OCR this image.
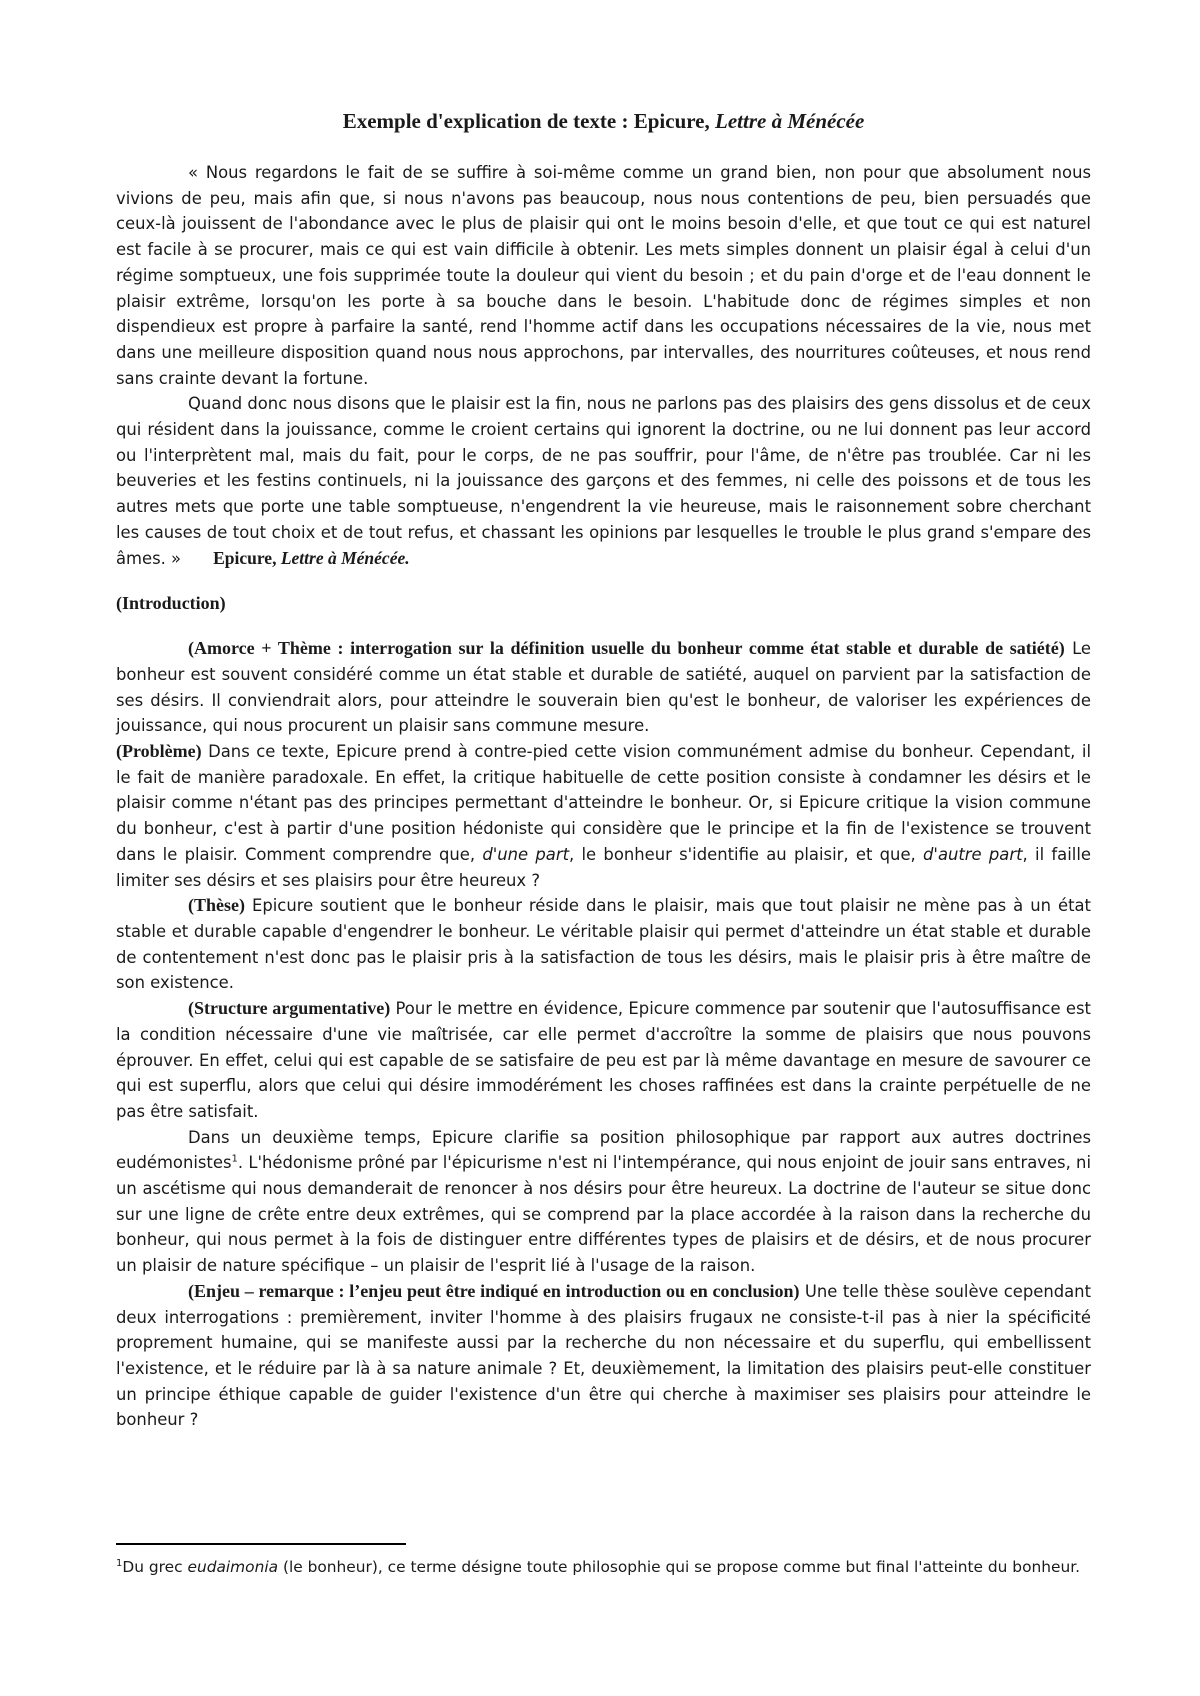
Exemple d'explication de texte : Epicure, Lettre à Ménécée

« Nous regardons le fait de se suffire à soi-même comme un grand bien, non pour que absolument nous vivions de peu, mais afin que, si nous n'avons pas beaucoup, nous nous contentions de peu, bien persuadés que ceux-là jouissent de l'abondance avec le plus de plaisir qui ont le moins besoin d'elle, et que tout ce qui est naturel est facile à se procurer, mais ce qui est vain difficile à obtenir. Les mets simples donnent un plaisir égal à celui d'un régime somptueux, une fois supprimée toute la douleur qui vient du besoin ; et du pain d'orge et de l'eau donnent le plaisir extrême, lorsqu'on les porte à sa bouche dans le besoin. L'habitude donc de régimes simples et non dispendieux est propre à parfaire la santé, rend l'homme actif dans les occupations nécessaires de la vie, nous met dans une meilleure disposition quand nous nous approchons, par intervalles, des nourritures coûteuses, et nous rend sans crainte devant la fortune.

Quand donc nous disons que le plaisir est la fin, nous ne parlons pas des plaisirs des gens dissolus et de ceux qui résident dans la jouissance, comme le croient certains qui ignorent la doctrine, ou ne lui donnent pas leur accord ou l'interprètent mal, mais du fait, pour le corps, de ne pas souffrir, pour l'âme, de n'être pas troublée. Car ni les beuveries et les festins continuels, ni la jouissance des garçons et des femmes, ni celle des poissons et de tous les autres mets que porte une table somptueuse, n'engendrent la vie heureuse, mais le raisonnement sobre cherchant les causes de tout choix et de tout refus, et chassant les opinions par lesquelles le trouble le plus grand s'empare des âmes. » Epicure, Lettre à Ménécée.

(Introduction)

(Amorce + Thème : interrogation sur la définition usuelle du bonheur comme état stable et durable de satiété) Le bonheur est souvent considéré comme un état stable et durable de satiété, auquel on parvient par la satisfaction de ses désirs. Il conviendrait alors, pour atteindre le souverain bien qu'est le bonheur, de valoriser les expériences de jouissance, qui nous procurent un plaisir sans commune mesure.

(Problème) Dans ce texte, Epicure prend à contre-pied cette vision communément admise du bonheur. Cependant, il le fait de manière paradoxale. En effet, la critique habituelle de cette position consiste à condamner les désirs et le plaisir comme n'étant pas des principes permettant d'atteindre le bonheur. Or, si Epicure critique la vision commune du bonheur, c'est à partir d'une position hédoniste qui considère que le principe et la fin de l'existence se trouvent dans le plaisir. Comment comprendre que, d'une part, le bonheur s'identifie au plaisir, et que, d'autre part, il faille limiter ses désirs et ses plaisirs pour être heureux ?

(Thèse) Epicure soutient que le bonheur réside dans le plaisir, mais que tout plaisir ne mène pas à un état stable et durable capable d'engendrer le bonheur. Le véritable plaisir qui permet d'atteindre un état stable et durable de contentement n'est donc pas le plaisir pris à la satisfaction de tous les désirs, mais le plaisir pris à être maître de son existence.

(Structure argumentative) Pour le mettre en évidence, Epicure commence par soutenir que l'autosuffisance est la condition nécessaire d'une vie maîtrisée, car elle permet d'accroître la somme de plaisirs que nous pouvons éprouver. En effet, celui qui est capable de se satisfaire de peu est par là même davantage en mesure de savourer ce qui est superflu, alors que celui qui désire immodérément les choses raffinées est dans la crainte perpétuelle de ne pas être satisfait.

Dans un deuxième temps, Epicure clarifie sa position philosophique par rapport aux autres doctrines eudémonistes$^1$. L'hédonisme prôné par l'épicurisme n'est ni l'intempérance, qui nous enjoint de jouir sans entraves, ni un ascétisme qui nous demanderait de renoncer à nos désirs pour être heureux. La doctrine de l'auteur se situe donc sur une ligne de crête entre deux extrêmes, qui se comprend par la place accordée à la raison dans la recherche du bonheur, qui nous permet à la fois de distinguer entre différentes types de plaisirs et de désirs, et de nous procurer un plaisir de nature spécifique – un plaisir de l'esprit lié à l'usage de la raison.

(Enjeu – remarque : l’enjeu peut être indiqué en introduction ou en conclusion) Une telle thèse soulève cependant deux interrogations : premièrement, inviter l'homme à des plaisirs frugaux ne consiste-t-il pas à nier la spécificité proprement humaine, qui se manifeste aussi par la recherche du non nécessaire et du superflu, qui embellissent l'existence, et le réduire par là à sa nature animale ? Et, deuxièmement, la limitation des plaisirs peut-elle constituer un principe éthique capable de guider l'existence d'un être qui cherche à maximiser ses plaisirs pour atteindre le bonheur ?

$^1$Du grec eudaimonia (le bonheur), ce terme désigne toute philosophie qui se propose comme but final l'atteinte du bonheur.
